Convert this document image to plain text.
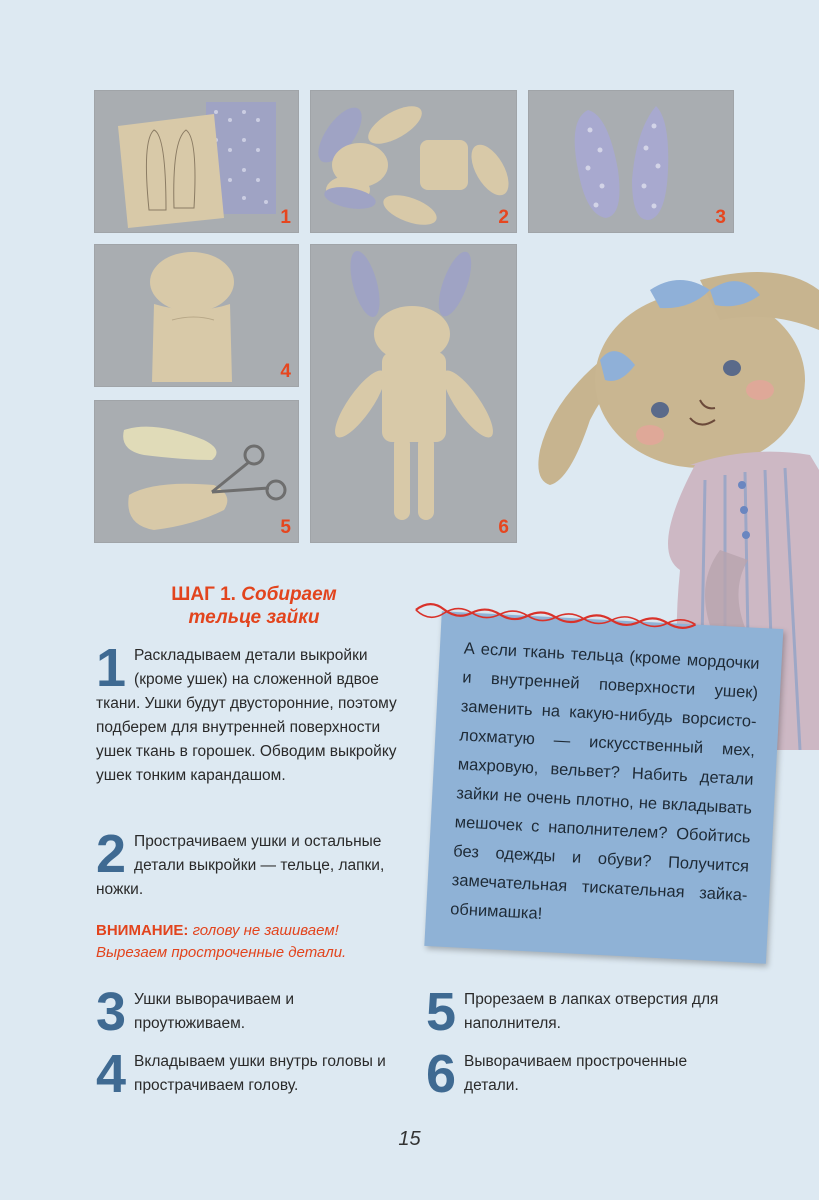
1	2	3
4
5	6
ШАГ 1. Собираем
тельце зайки
1 Раскладываем детали выкройки (кроме ушек) на сложенной вдвое ткани. Ушки будут двусторонние, поэтому подберем для внутренней поверхности ушек ткань в горошек. Обводим выкройку ушек тонким карандашом.
2 Прострачиваем ушки и остальные детали выкройки — тельце, лапки, ножки.
ВНИМАНИЕ: голову не зашиваем!
Вырезаем простроченные детали.
3 Ушки выворачиваем и проутюживаем.
4 Вкладываем ушки внутрь головы и прострачиваем голову.
5 Прорезаем в лапках отверстия для наполнителя.
6 Выворачиваем простроченные детали.

А если ткань тельца (кроме мордочки и внутренней поверхности ушек) заменить на какую-нибудь ворсисто-лохматую — искусственный мех, махровую, вельвет? Набить детали зайки не очень плотно, не вкладывать мешочек с наполнителем? Обойтись без одежды и обуви? Получится замечательная тискательная зайка-обнимашка!

15
